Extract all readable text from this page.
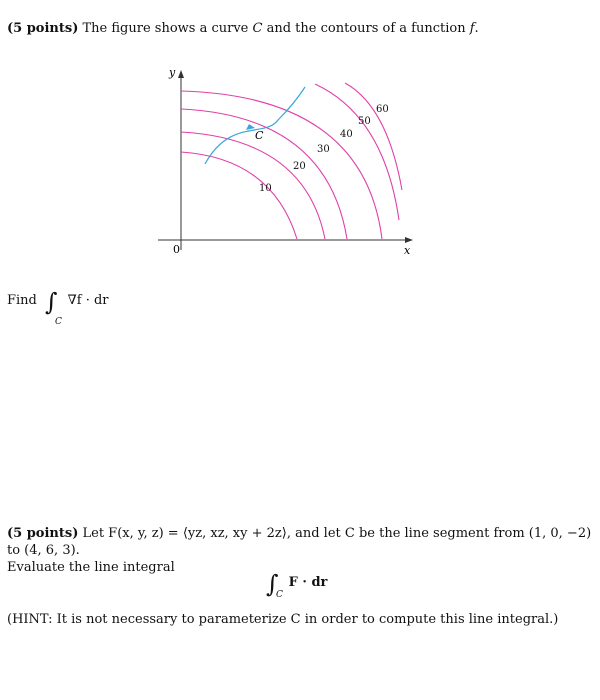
(5 points) The figure shows a curve C and the contours of a function f.
y
x
0
C
10
20
30
40
50
60
Find ∫
C
∇f · dr
(5 points) Let F(x, y, z) = ⟨yz, xz, xy + 2z⟩, and let C be the line segment from (1, 0, −2) to (4, 6, 3).
Evaluate the line integral
∫
C
F · dr
(HINT: It is not necessary to parameterize C in order to compute this line integral.)
